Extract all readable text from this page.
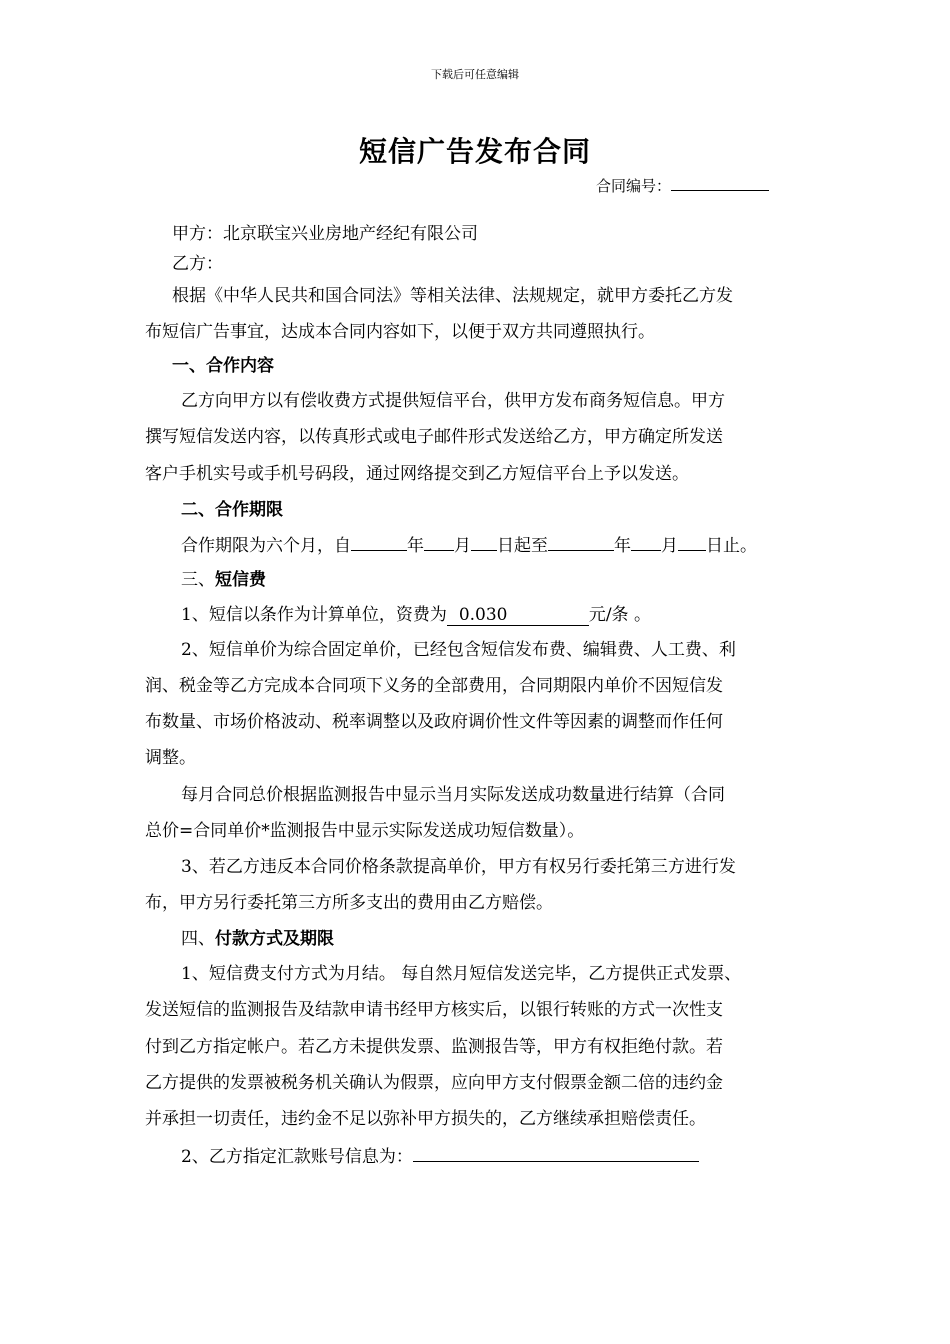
下载后可任意编辑
短信广告发布合同
合同编号：
甲方：北京联宝兴业房地产经纪有限公司
乙方：
根据《中华人民共和国合同法》等相关法律、法规规定，就甲方委托乙方发
布短信广告事宜，达成本合同内容如下，以便于双方共同遵照执行。
一、合作内容
乙方向甲方以有偿收费方式提供短信平台，供甲方发布商务短信息。甲方
撰写短信发送内容，以传真形式或电子邮件形式发送给乙方，甲方确定所发送
客户手机实号或手机号码段，通过网络提交到乙方短信平台上予以发送。
二、合作期限
合作期限为六个月，自	年 月 日起至	年 月 日止。
三、短信费
1、短信以条作为计算单位，资费为 0.030	元/条 。
2、短信单价为综合固定单价，已经包含短信发布费、编辑费、人工费、利
润、税金等乙方完成本合同项下义务的全部费用，合同期限内单价不因短信发
布数量、市场价格波动、税率调整以及政府调价性文件等因素的调整而作任何
调整。
每月合同总价根据监测报告中显示当月实际发送成功数量进行结算（合同
总价=合同单价*监测报告中显示实际发送成功短信数量）。
3、若乙方违反本合同价格条款提高单价，甲方有权另行委托第三方进行发
布，甲方另行委托第三方所多支出的费用由乙方赔偿。
四、付款方式及期限
1、短信费支付方式为月结。 每自然月短信发送完毕，乙方提供正式发票、
发送短信的监测报告及结款申请书经甲方核实后，以银行转账的方式一次性支
付到乙方指定帐户。若乙方未提供发票、监测报告等，甲方有权拒绝付款。若
乙方提供的发票被税务机关确认为假票，应向甲方支付假票金额二倍的违约金
并承担一切责任，违约金不足以弥补甲方损失的，乙方继续承担赔偿责任。
2、乙方指定汇款账号信息为：
